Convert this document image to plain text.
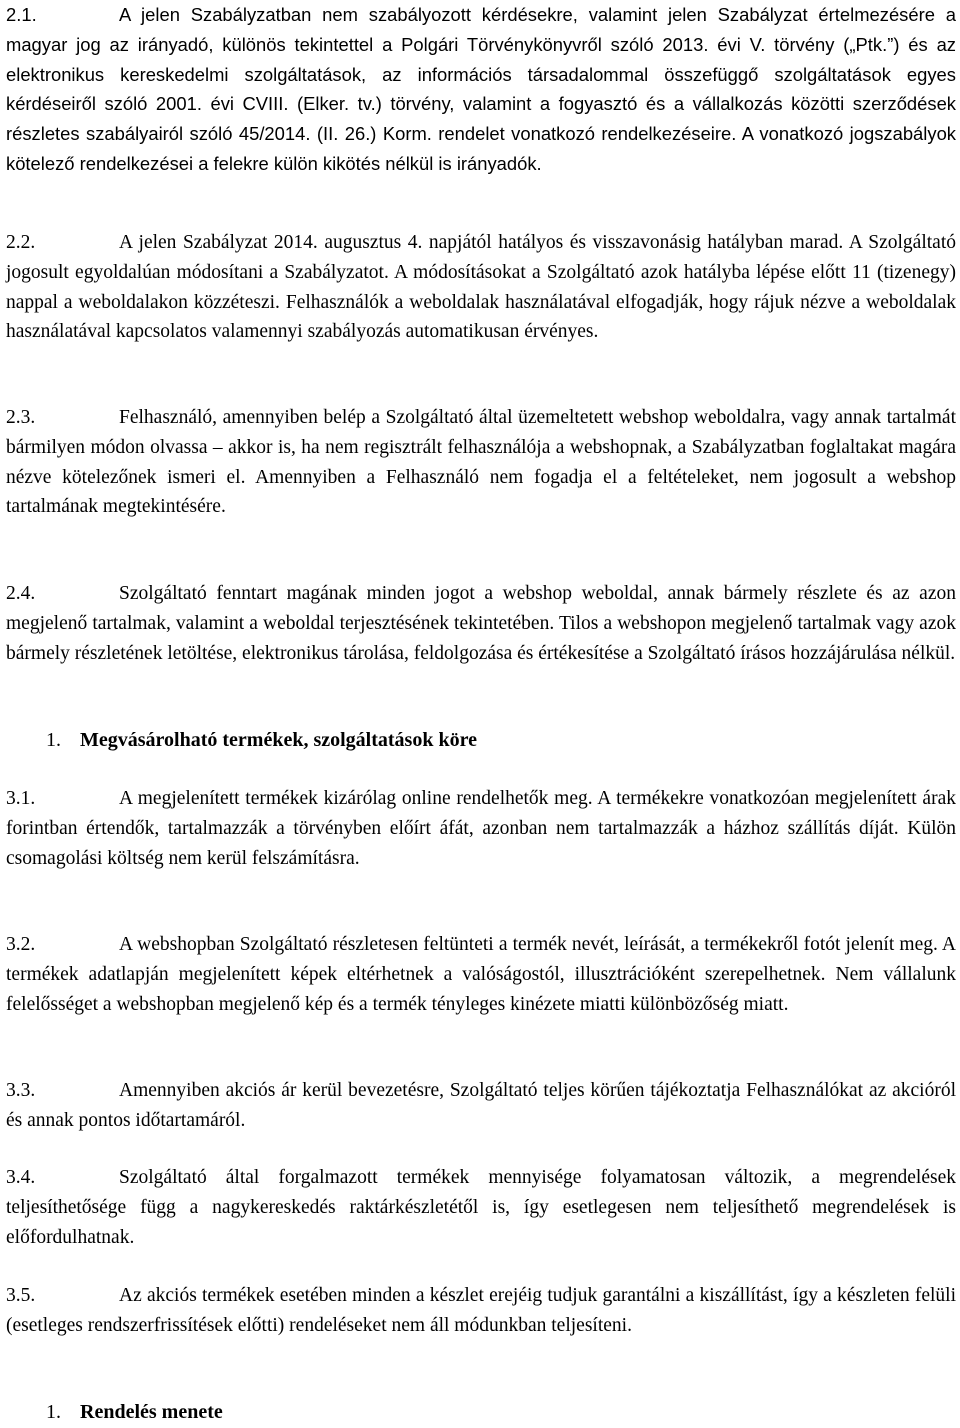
2.1.	A jelen Szabályzatban nem szabályozott kérdésekre, valamint jelen Szabályzat értelmezésére a magyar jog az irányadó, különös tekintettel a Polgári Törvénykönyvről szóló 2013. évi V. törvény („Ptk.”) és az elektronikus kereskedelmi szolgáltatások, az információs társadalommal összefüggő szolgáltatások egyes kérdéseiről szóló 2001. évi CVIII. (Elker. tv.) törvény, valamint a fogyasztó és a vállalkozás közötti szerződések részletes szabályairól szóló 45/2014. (II. 26.) Korm. rendelet vonatkozó rendelkezéseire. A vonatkozó jogszabályok kötelező rendelkezései a felekre külön kikötés nélkül is irányadók.

2.2.	A jelen Szabályzat 2014. augusztus 4. napjától hatályos és visszavonásig hatályban marad. A Szolgáltató jogosult egyoldalúan módosítani a Szabályzatot. A módosításokat a Szolgáltató azok hatályba lépése előtt 11 (tizenegy) nappal a weboldalakon közzéteszi. Felhasználók a weboldalak használatával elfogadják, hogy rájuk nézve a weboldalak használatával kapcsolatos valamennyi szabályozás automatikusan érvényes.

2.3.	Felhasználó, amennyiben belép a Szolgáltató által üzemeltetett webshop weboldalra, vagy annak tartalmát bármilyen módon olvassa – akkor is, ha nem regisztrált felhasználója a webshopnak, a Szabályzatban foglaltakat magára nézve kötelezőnek ismeri el. Amennyiben a Felhasználó nem fogadja el a feltételeket, nem jogosult a webshop tartalmának megtekintésére.

2.4.	Szolgáltató fenntart magának minden jogot a webshop weboldal, annak bármely részlete és az azon megjelenő tartalmak, valamint a weboldal terjesztésének tekintetében. Tilos a webshopon megjelenő tartalmak vagy azok bármely részletének letöltése, elektronikus tárolása, feldolgozása és értékesítése a Szolgáltató írásos hozzájárulása nélkül.

1. Megvásárolható termékek, szolgáltatások köre

3.1.	A megjelenített termékek kizárólag online rendelhetők meg. A termékekre vonatkozóan megjelenített árak forintban értendők, tartalmazzák a törvényben előírt áfát, azonban nem tartalmazzák a házhoz szállítás díját. Külön csomagolási költség nem kerül felszámításra.

3.2.	A webshopban Szolgáltató részletesen feltünteti a termék nevét, leírását, a termékekről fotót jelenít meg. A termékek adatlapján megjelenített képek eltérhetnek a valóságostól, illusztrációként szerepelhetnek. Nem vállalunk felelősséget a webshopban megjelenő kép és a termék tényleges kinézete miatti különbözőség miatt.

3.3.	Amennyiben akciós ár kerül bevezetésre, Szolgáltató teljes körűen tájékoztatja Felhasználókat az akcióról és annak pontos időtartamáról.

3.4.	Szolgáltató által forgalmazott termékek mennyisége folyamatosan változik, a megrendelések teljesíthetősége függ a nagykereskedés raktárkészletétől is, így esetlegesen nem teljesíthető megrendelések is előfordulhatnak.

3.5.	Az akciós termékek esetében minden a készlet erejéig tudjuk garantálni a kiszállítást, így a készleten felüli (esetleges rendszerfrissítések előtti) rendeléseket nem áll módunkban teljesíteni.

1. Rendelés menete
